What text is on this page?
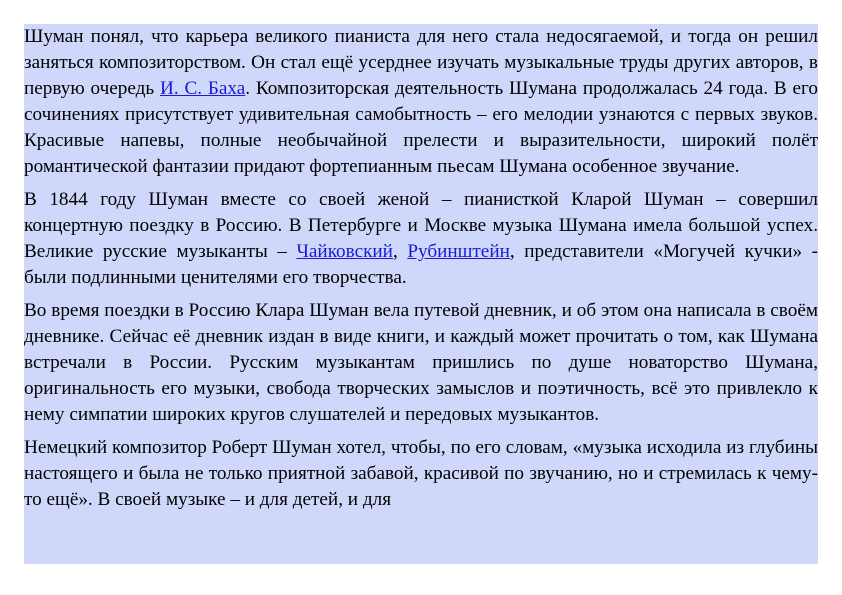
Шуман понял, что карьера великого пианиста для него стала недосягаемой, и тогда он решил заняться композиторством. Он стал ещё усерднее изучать музыкальные труды других авторов, в первую очередь И. С. Баха. Композиторская деятельность Шумана продолжалась 24 года. В его сочинениях присутствует удивительная самобытность – его мелодии узнаются с первых звуков. Красивые напевы, полные необычайной прелести и выразительности, широкий полёт романтической фантазии придают фортепианным пьесам Шумана особенное звучание.

В 1844 году Шуман вместе со своей женой – пианисткой Кларой Шуман – совершил концертную поездку в Россию. В Петербурге и Москве музыка Шумана имела большой успех. Великие русские музыканты – Чайковский, Рубинштейн, представители «Могучей кучки» - были подлинными ценителями его творчества.

Во время поездки в Россию Клара Шуман вела путевой дневник, и об этом она написала в своём дневнике. Сейчас её дневник издан в виде книги, и каждый может прочитать о том, как Шумана встречали в России. Русским музыкантам пришлись по душе новаторство Шумана, оригинальность его музыки, свобода творческих замыслов и поэтичность, всё это привлекло к нему симпатии широких кругов слушателей и передовых музыкантов.

Немецкий композитор Роберт Шуман хотел, чтобы, по его словам, «музыка исходила из глубины настоящего и была не только приятной забавой, красивой по звучанию, но и стремилась к чему-то ещё». В своей музыке – и для детей, и для
